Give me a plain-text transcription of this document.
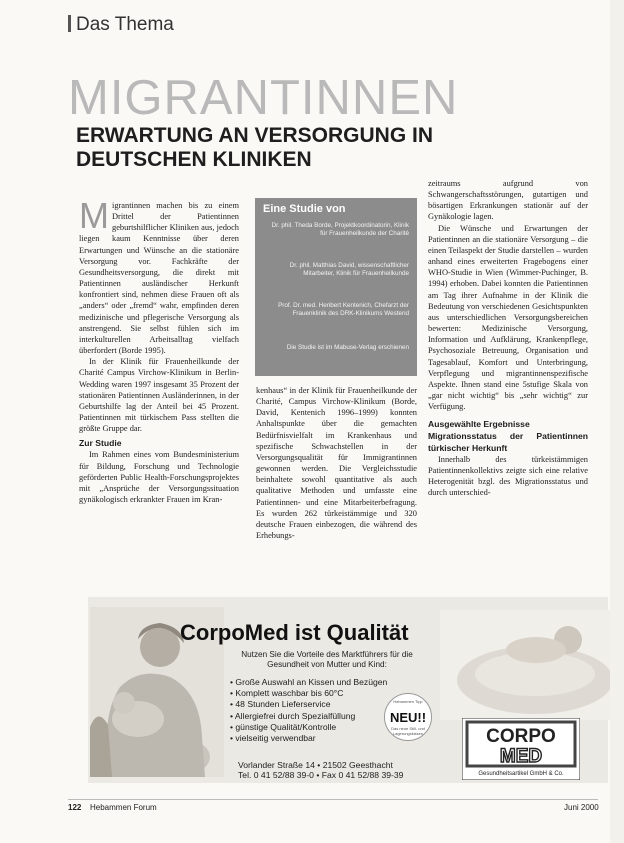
Das Thema
MIGRANTINNEN
ERWARTUNG AN VERSORGUNG IN DEUTSCHEN KLINIKEN
M igrantinnen machen bis zu einem Drittel der Patientinnen geburtshilflicher Kliniken aus, jedoch liegen kaum Kenntnisse über deren Erwartungen und Wünsche an die stationäre Versorgung vor. Fachkräfte der Gesundheitsversorgung, die direkt mit Patientinnen ausländischer Herkunft konfrontiert sind, nehmen diese Frauen oft als „anders“ oder „fremd“ wahr, empfinden deren medizinische und pflegerische Versorgung als anstrengend. Sie selbst fühlen sich im interkulturellen Arbeitsalltag vielfach überfordert (Borde 1995).

In der Klinik für Frauenheilkunde der Charité Campus Virchow-Klinikum in Berlin-Wedding waren 1997 insgesamt 35 Prozent der stationären Patientinnen Ausländerinnen, in der Geburtshilfe lag der Anteil bei 45 Prozent. Patientinnen mit türkischem Pass stellten die größte Gruppe dar.

Zur Studie

Im Rahmen eines vom Bundesministerium für Bildung, Forschung und Technologie geförderten Public Health-Forschungsprojektes mit „Ansprüche der Versorgungssituation gynäkologisch erkrankter Frauen im Kran-

Eine Studie von
Dr. phil. Theda Borde, Projektkoordinatorin, Klinik für Frauenheilkunde der Charité
Dr. phil. Matthias David, wissenschaftlicher Mitarbeiter, Klinik für Frauenheilkunde
Prof. Dr. med. Heribert Kentenich, Chefarzt der Frauenklinik des DRK-Klinikums Westend
Die Studie ist im Mabuse-Verlag erschienen

kenhaus“ in der Klinik für Frauenheilkunde der Charité, Campus Virchow-Klinikum (Borde, David, Kentenich 1996–1999) konnten Anhaltspunkte über die gemachten Bedürfnisvielfalt im Krankenhaus und spezifische Schwachstellen in der Versorgungsqualität für Immigrantinnen gewonnen werden. Die Vergleichsstudie beinhaltete sowohl quantitative als auch qualitative Methoden und umfasste eine Patientinnen- und eine Mitarbeiterbefragung. Es wurden 262 türkeistämmige und 320 deutsche Frauen einbezogen, die während des Erhebungs-

zeitraums aufgrund von Schwangerschaftsstörungen, gutartigen und bösartigen Erkrankungen stationär auf der Gynäkologie lagen.

Die Wünsche und Erwartungen der Patientinnen an die stationäre Versorgung – die einen Teilaspekt der Studie darstellen – wurden anhand eines erweiterten Fragebogens einer WHO-Studie in Wien (Wimmer-Puchinger, B. 1994) erhoben. Dabei konnten die Patientinnen am Tag ihrer Aufnahme in der Klinik die Bedeutung von verschiedenen Gesichtspunkten aus unterschiedlichen Versorgungsbereichen bewerten: Medizinische Versorgung, Information und Aufklärung, Krankenpflege, Psychosoziale Betreuung, Organisation und Tagesablauf, Komfort und Unterbringung, Verpflegung und migrantinnenspezifische Aspekte. Ihnen stand eine 5stufige Skala von „gar nicht wichtig“ bis „sehr wichtig“ zur Verfügung.

Ausgewählte Ergebnisse

Migrationsstatus der Patientinnen türkischer Herkunft

Innerhalb des türkeistämmigen Patientinnenkollektivs zeigte sich eine relative Heterogenität bzgl. des Migrationsstatus und durch unterschied-

CorpoMed ist Qualität
Nutzen Sie die Vorteile des Marktführers für die Gesundheit von Mutter und Kind:
• Große Auswahl an Kissen und Bezügen
• Komplett waschbar bis 60°C
• 48 Stunden Lieferservice
• Allergiefrei durch Spezialfüllung
• günstige Qualität/Kontrolle
• vielseitig verwendbar
Vorlander Straße 14 • 21502 Geesthacht
Tel. 0 41 52/88 39-0 • Fax 0 41 52/88 39-39
Hebammen Tipp
NEU!!
Das neue Still- und Lagerungskissen	CORPO
MED
Gesundheitsartikel GmbH & Co.
122 Hebammen Forum	Juni 2000
